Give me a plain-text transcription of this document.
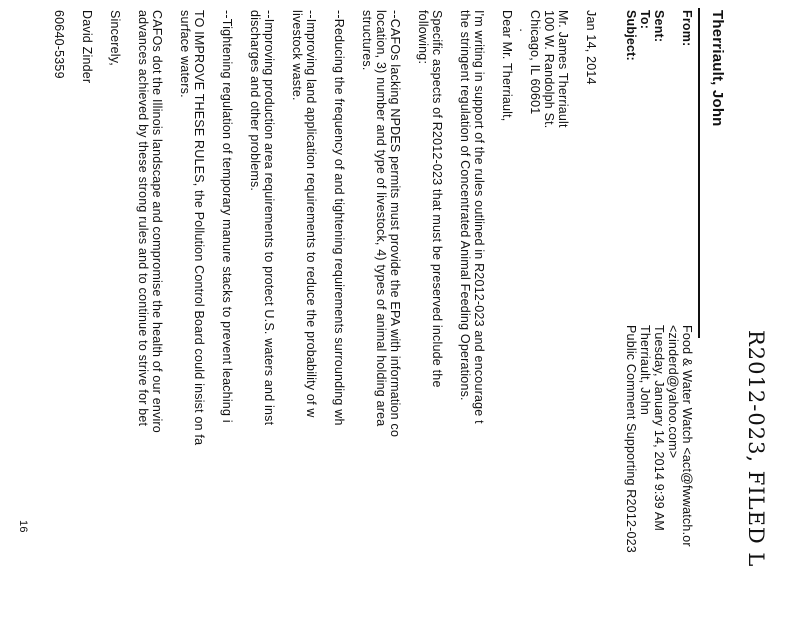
R2012-023, FILED L
Therriault, John
From:
Sent:
To:
Subject:
Food & Water Watch <act@fwwatch.or
<zinderd@yahoo.com>
Tuesday, January 14, 2014 9:39 AM
Therriault, John
Public Comment Supporting R2012-023
Jan 14, 2014
Mr. James Therriault
100 W. Randolph St.
Chicago, IL 60601
·
Dear Mr. Therriault,
I'm writing in support of the rules outlined in R2012-023 and encourage t
the stringent regulation of Concentrated Animal Feeding Operations.
Specific aspects of R2012-023 that must be preserved include the
following:
--CAFOs lacking NPDES permits must provide the EPA with information co
location, 3) number and type of livestock, 4) types of animal holding area
structures.
--Reducing the frequency of and tightening requirements surrounding wh
--Improving land application requirements to reduce the probability of w
livestock waste.
--Improving production area requirements to protect U.S. waters and inst
discharges and other problems.
--Tightening regulation of temporary manure stacks to prevent leaching i
TO IMPROVE THESE RULES, the Pollution Control Board could insist on fa
surface waters.
CAFOs dot the Illinois landscape and compromise the health of our enviro
advances achieved by these strong rules and to continue to strive for bet
Sincerely,
David Zinder
60640-5359
16
